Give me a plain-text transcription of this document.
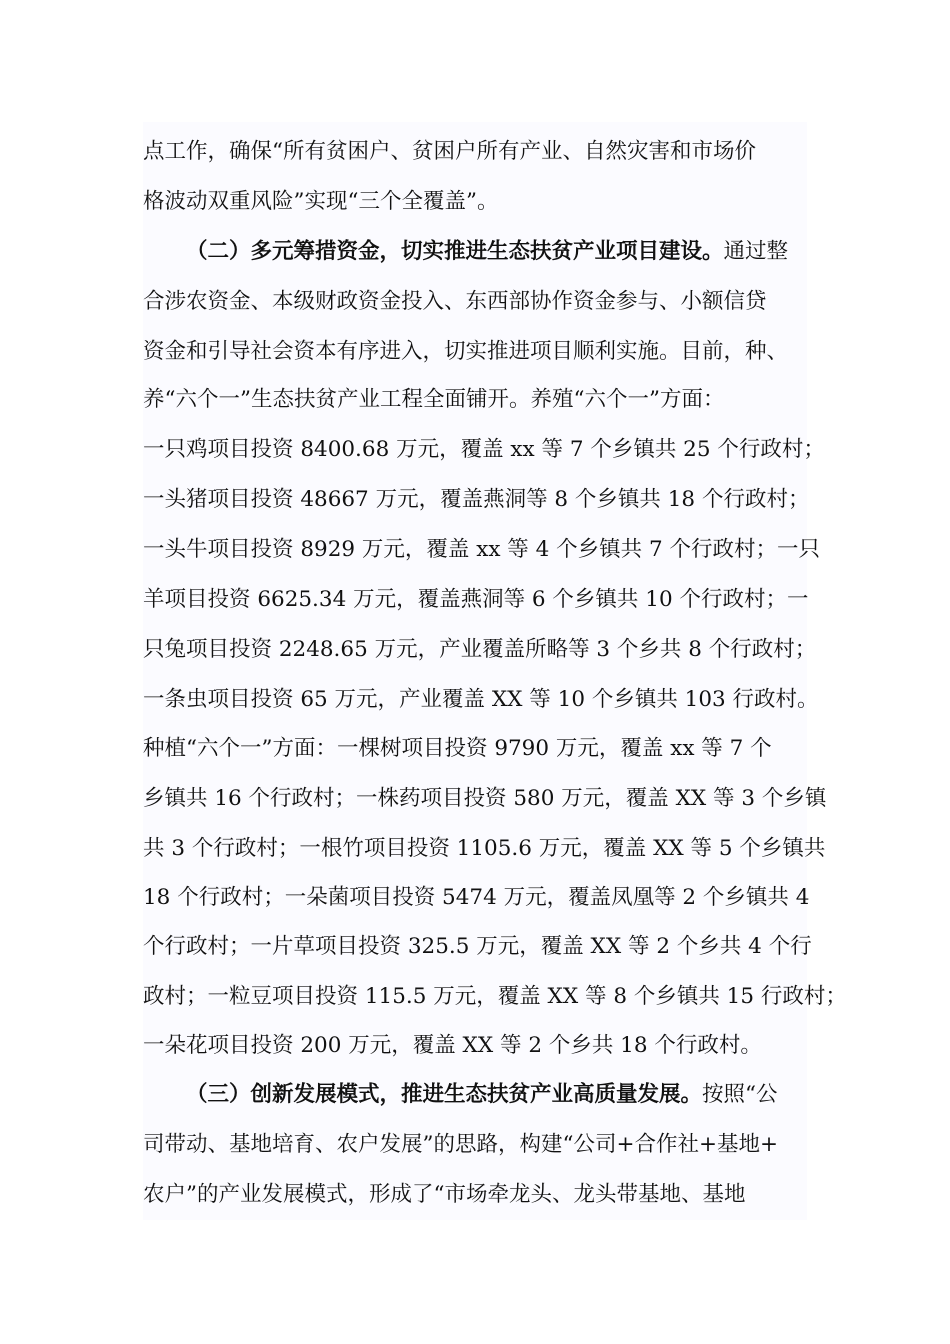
点工作，确保“所有贫困户、贫困户所有产业、自然灾害和市场价
格波动双重风险”实现“三个全覆盖”。
（二）多元筹措资金，切实推进生态扶贫产业项目建设。通过整
合涉农资金、本级财政资金投入、东西部协作资金参与、小额信贷
资金和引导社会资本有序进入，切实推进项目顺利实施。目前，种、
养“六个一”生态扶贫产业工程全面铺开。养殖“六个一”方面：
一只鸡项目投资 8400.68 万元，覆盖 xx 等 7 个乡镇共 25 个行政村；
一头猪项目投资 48667 万元，覆盖燕洞等 8 个乡镇共 18 个行政村；
一头牛项目投资 8929 万元，覆盖 xx 等 4 个乡镇共 7 个行政村；一只
羊项目投资 6625.34 万元，覆盖燕洞等 6 个乡镇共 10 个行政村；一
只兔项目投资 2248.65 万元，产业覆盖所略等 3 个乡共 8 个行政村；
一条虫项目投资 65 万元，产业覆盖 XX 等 10 个乡镇共 103 行政村。
种植“六个一”方面：一棵树项目投资 9790 万元，覆盖 xx 等 7 个
乡镇共 16 个行政村；一株药项目投资 580 万元，覆盖 XX 等 3 个乡镇
共 3 个行政村；一根竹项目投资 1105.6 万元，覆盖 XX 等 5 个乡镇共
18 个行政村；一朵菌项目投资 5474 万元，覆盖凤凰等 2 个乡镇共 4
个行政村；一片草项目投资 325.5 万元，覆盖 XX 等 2 个乡共 4 个行
政村；一粒豆项目投资 115.5 万元，覆盖 XX 等 8 个乡镇共 15 行政村；
一朵花项目投资 200 万元，覆盖 XX 等 2 个乡共 18 个行政村。
（三）创新发展模式，推进生态扶贫产业高质量发展。按照“公
司带动、基地培育、农户发展”的思路，构建“公司+合作社+基地+
农户”的产业发展模式，形成了“市场牵龙头、龙头带基地、基地
